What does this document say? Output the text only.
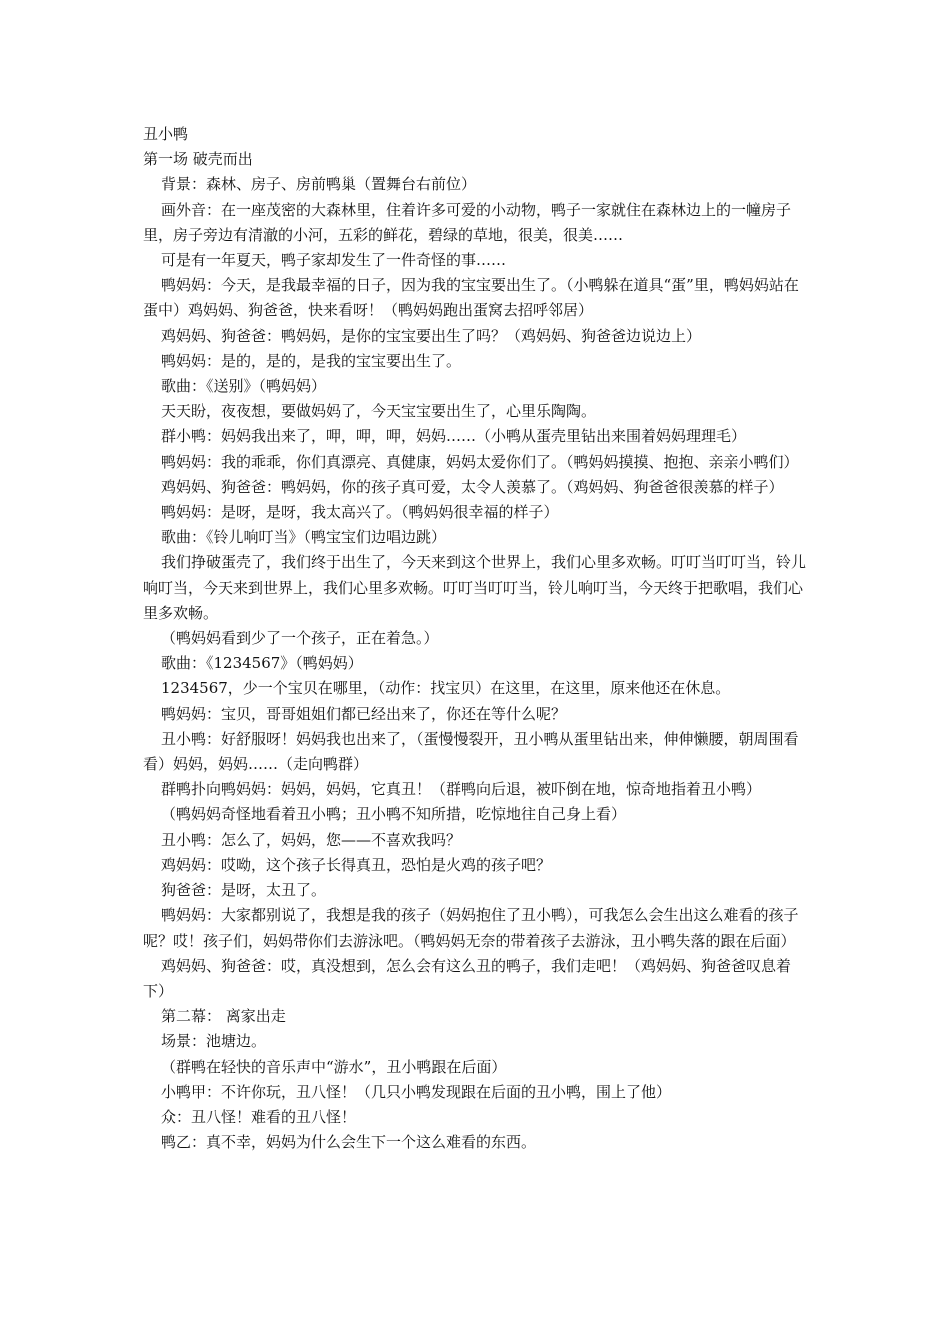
丑小鸭

第一场 破壳而出

背景：森林、房子、房前鸭巢（置舞台右前位）

画外音：在一座茂密的大森林里，住着许多可爱的小动物，鸭子一家就住在森林边上的一幢房子里，房子旁边有清澈的小河，五彩的鲜花，碧绿的草地，很美，很美……

可是有一年夏天，鸭子家却发生了一件奇怪的事……

鸭妈妈：今天，是我最幸福的日子，因为我的宝宝要出生了。（小鸭躲在道具“蛋”里，鸭妈妈站在蛋中）鸡妈妈、狗爸爸，快来看呀！（鸭妈妈跑出蛋窝去招呼邻居）

鸡妈妈、狗爸爸：鸭妈妈，是你的宝宝要出生了吗？（鸡妈妈、狗爸爸边说边上）

鸭妈妈：是的，是的，是我的宝宝要出生了。

歌曲：《送别》（鸭妈妈）

天天盼，夜夜想，要做妈妈了，今天宝宝要出生了，心里乐陶陶。

群小鸭：妈妈我出来了，呷，呷，呷，妈妈……（小鸭从蛋壳里钻出来围着妈妈理理毛）

鸭妈妈：我的乖乖，你们真漂亮、真健康，妈妈太爱你们了。（鸭妈妈摸摸、抱抱、亲亲小鸭们）

鸡妈妈、狗爸爸：鸭妈妈，你的孩子真可爱，太令人羡慕了。（鸡妈妈、狗爸爸很羡慕的样子）

鸭妈妈：是呀，是呀，我太高兴了。（鸭妈妈很幸福的样子）

歌曲：《铃儿响叮当》（鸭宝宝们边唱边跳）

我们挣破蛋壳了，我们终于出生了，今天来到这个世界上，我们心里多欢畅。叮叮当叮叮当，铃儿响叮当，今天来到世界上，我们心里多欢畅。叮叮当叮叮当，铃儿响叮当，今天终于把歌唱，我们心里多欢畅。

（鸭妈妈看到少了一个孩子，正在着急。）

歌曲：《1234567》（鸭妈妈）

1234567，少一个宝贝在哪里，（动作：找宝贝）在这里，在这里，原来他还在休息。

鸭妈妈：宝贝，哥哥姐姐们都已经出来了，你还在等什么呢？

丑小鸭：好舒服呀！妈妈我也出来了，（蛋慢慢裂开，丑小鸭从蛋里钻出来，伸伸懒腰，朝周围看看）妈妈，妈妈……（走向鸭群）

群鸭扑向鸭妈妈：妈妈，妈妈，它真丑！（群鸭向后退，被吓倒在地，惊奇地指着丑小鸭）

（鸭妈妈奇怪地看着丑小鸭；丑小鸭不知所措，吃惊地往自己身上看）

丑小鸭：怎么了，妈妈，您——不喜欢我吗？

鸡妈妈：哎呦，这个孩子长得真丑，恐怕是火鸡的孩子吧？

狗爸爸：是呀，太丑了。

鸭妈妈：大家都别说了，我想是我的孩子（妈妈抱住了丑小鸭），可我怎么会生出这么难看的孩子呢？哎！孩子们，妈妈带你们去游泳吧。（鸭妈妈无奈的带着孩子去游泳，丑小鸭失落的跟在后面）

鸡妈妈、狗爸爸：哎，真没想到，怎么会有这么丑的鸭子，我们走吧！（鸡妈妈、狗爸爸叹息着下）

第二幕： 离家出走

场景：池塘边。

（群鸭在轻快的音乐声中“游水”，丑小鸭跟在后面）

小鸭甲：不许你玩，丑八怪！（几只小鸭发现跟在后面的丑小鸭，围上了他）

众：丑八怪！难看的丑八怪！

鸭乙：真不幸，妈妈为什么会生下一个这么难看的东西。
